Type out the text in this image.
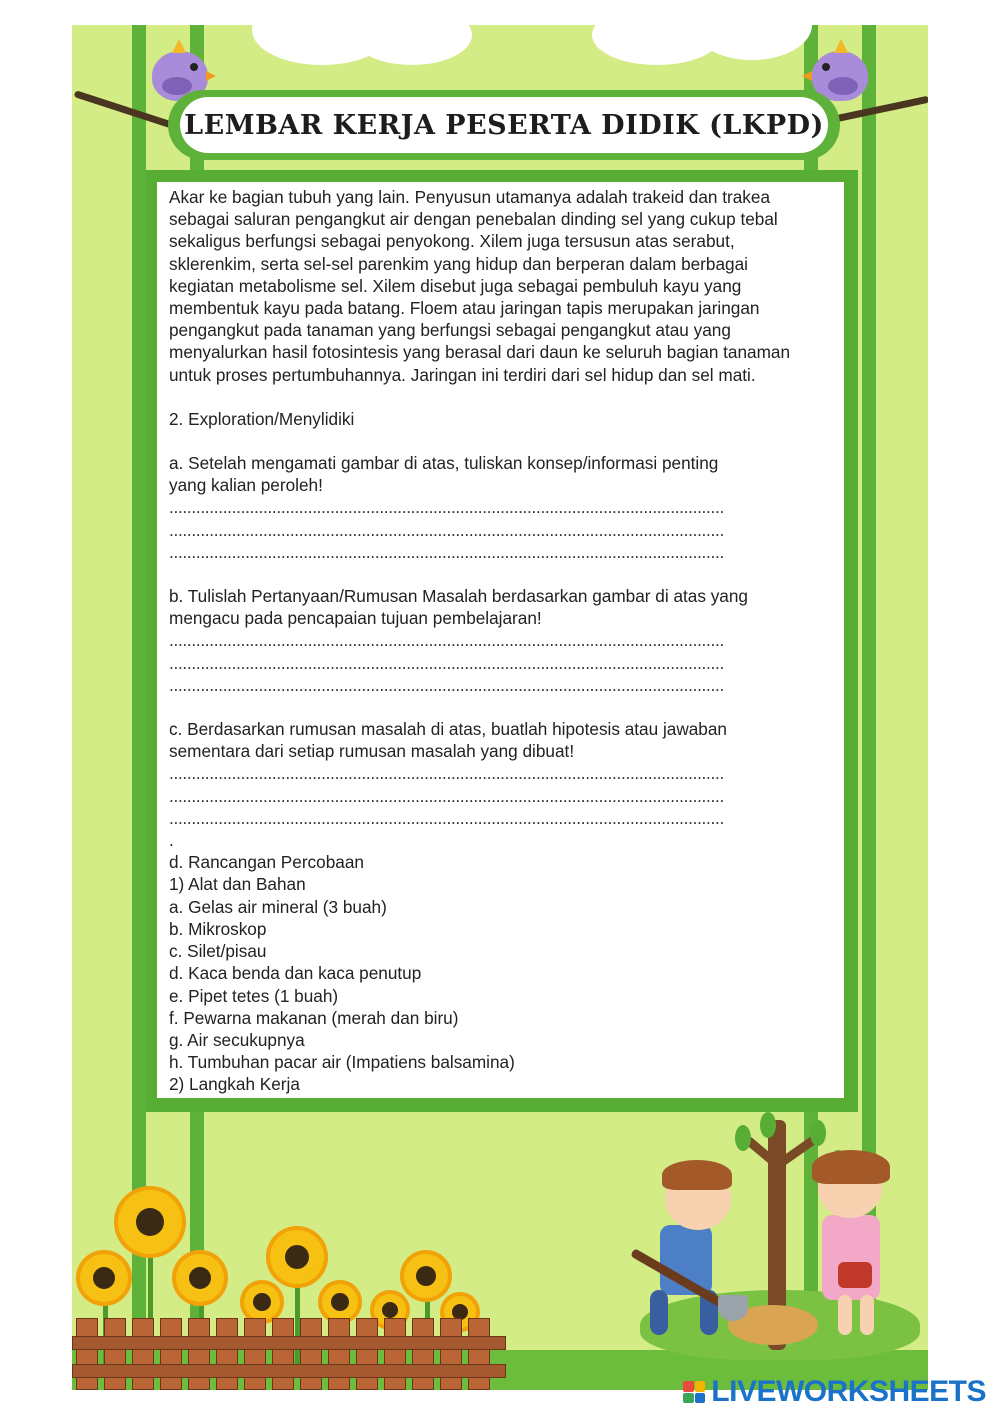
LEMBAR KERJA PESERTA DIDIK (LKPD)

Akar ke bagian tubuh yang lain. Penyusun utamanya adalah trakeid dan trakea

sebagai saluran pengangkut air dengan penebalan dinding sel yang cukup tebal

sekaligus berfungsi sebagai penyokong. Xilem juga tersusun atas serabut,

sklerenkim, serta sel-sel parenkim yang hidup dan berperan dalam berbagai

kegiatan metabolisme sel. Xilem disebut juga sebagai pembuluh kayu yang

membentuk kayu pada batang. Floem atau jaringan tapis merupakan jaringan

pengangkut pada tanaman yang berfungsi sebagai pengangkut atau yang

menyalurkan hasil fotosintesis yang berasal dari daun ke seluruh bagian tanaman

untuk proses pertumbuhannya. Jaringan ini terdiri dari sel hidup dan sel mati.

2. Exploration/Menylidiki

a. Setelah mengamati gambar di atas, tuliskan konsep/informasi penting

yang kalian peroleh!

............................................................................................................................

............................................................................................................................

............................................................................................................................

b. Tulislah Pertanyaan/Rumusan Masalah berdasarkan gambar di atas yang

mengacu pada pencapaian tujuan pembelajaran!

............................................................................................................................

............................................................................................................................

............................................................................................................................

c. Berdasarkan rumusan masalah di atas, buatlah hipotesis atau jawaban

sementara dari setiap rumusan masalah yang dibuat!

............................................................................................................................

............................................................................................................................

............................................................................................................................

.

d. Rancangan Percobaan

1) Alat dan Bahan

a. Gelas air mineral (3 buah)

b. Mikroskop

c. Silet/pisau

d. Kaca benda dan kaca penutup

e. Pipet tetes (1 buah)

f. Pewarna makanan (merah dan biru)

g. Air secukupnya

h. Tumbuhan pacar air (Impatiens balsamina)

2) Langkah Kerja

LIVEWORKSHEETS
